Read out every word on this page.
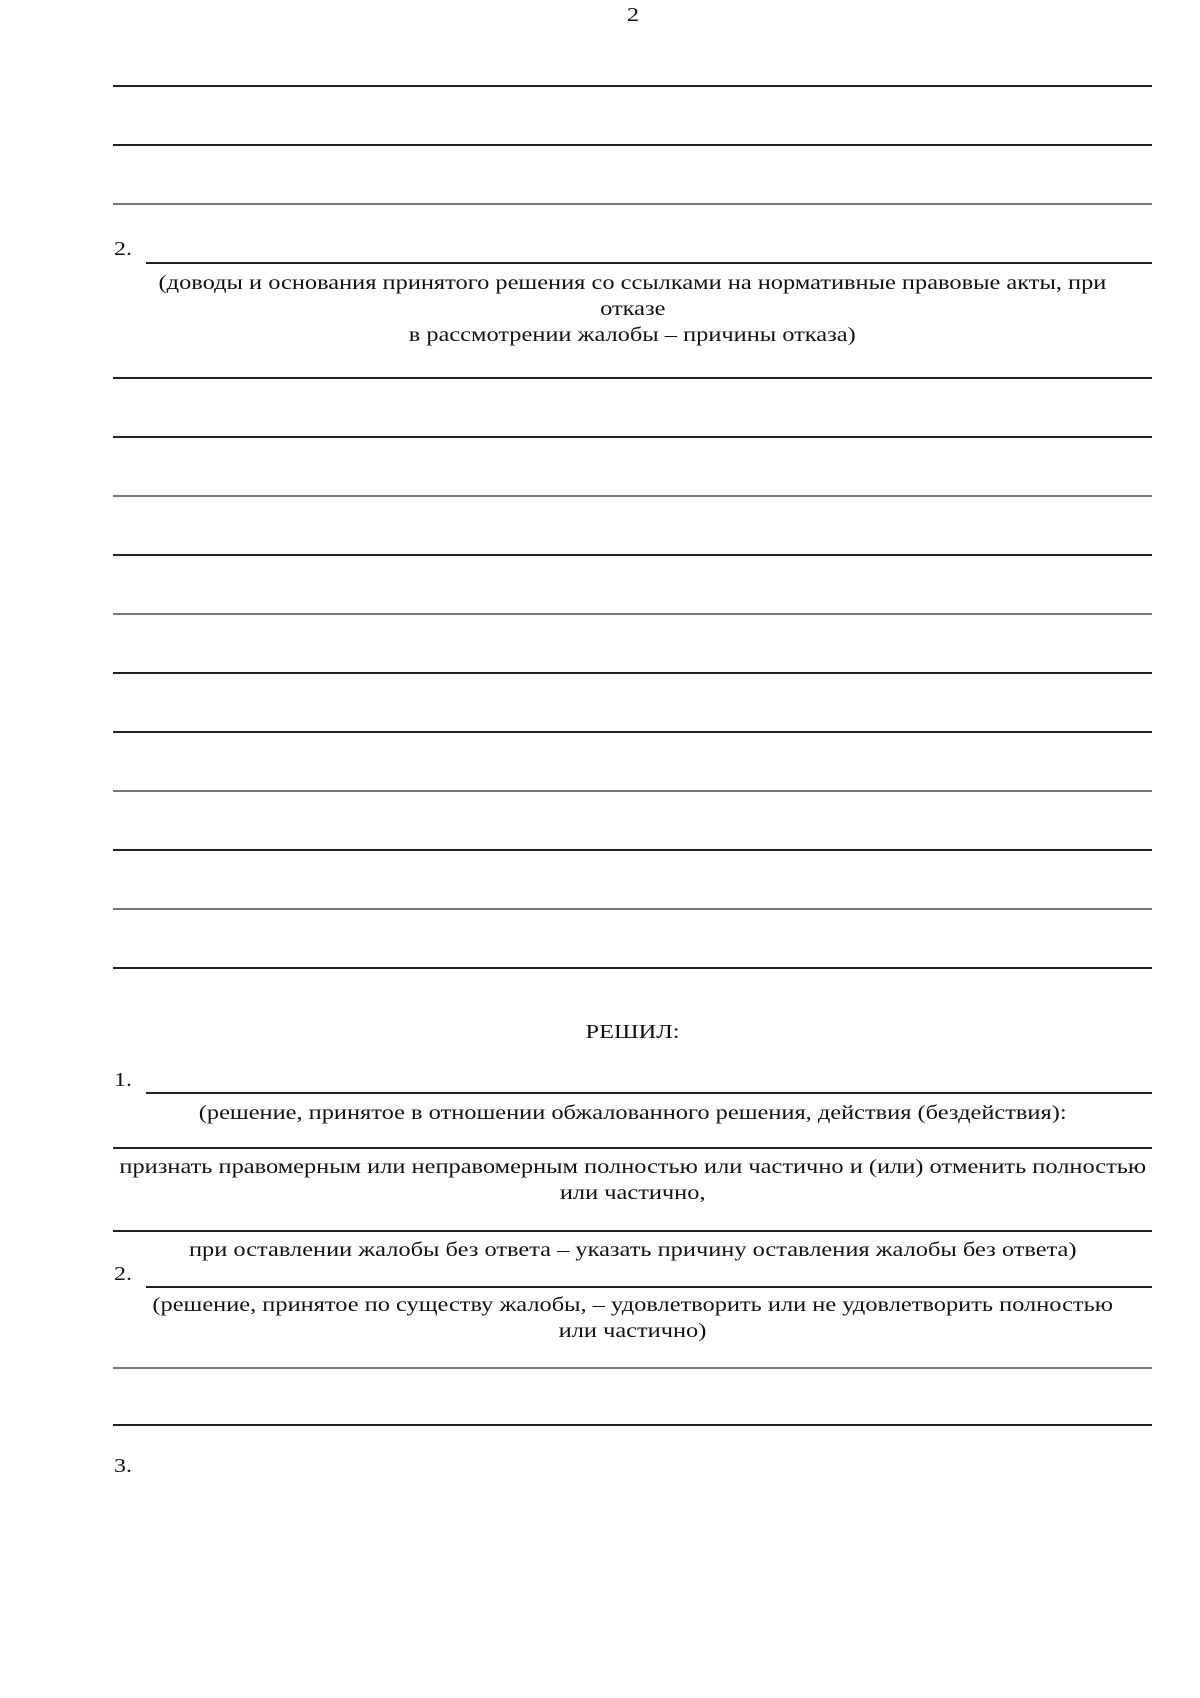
2
2.
(доводы и основания принятого решения со ссылками на нормативные правовые акты, при
отказе
в рассмотрении жалобы – причины отказа)
РЕШИЛ:
1.
(решение, принятое в отношении обжалованного решения, действия (бездействия):
признать правомерным или неправомерным полностью или частично и (или) отменить полностью
или частично,
при оставлении жалобы без ответа – указать причину оставления жалобы без ответа)
2.
(решение, принятое по существу жалобы, – удовлетворить или не удовлетворить полностью
или частично)
3.
